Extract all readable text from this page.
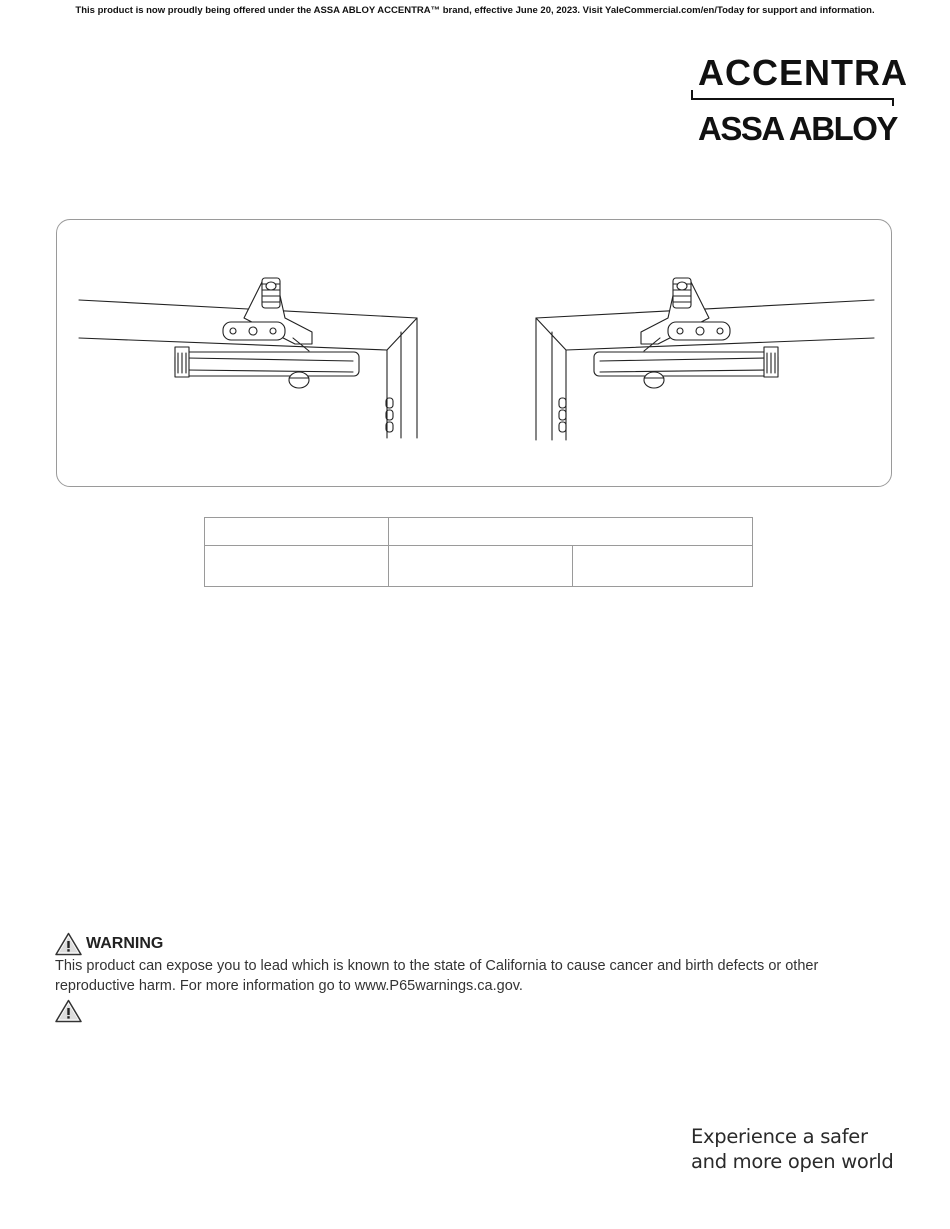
This product is now proudly being offered under the ASSA ABLOY ACCENTRA™ brand, effective June 20, 2023. Visit YaleCommercial.com/en/Today for support and information.
ACCENTRA
ASSA ABLOY

WARNING
This product can expose you to lead which is known to the state of California to cause cancer and birth defects or other
reproductive harm. For more information go to www.P65warnings.ca.gov.
Experience a safer
and more open world
